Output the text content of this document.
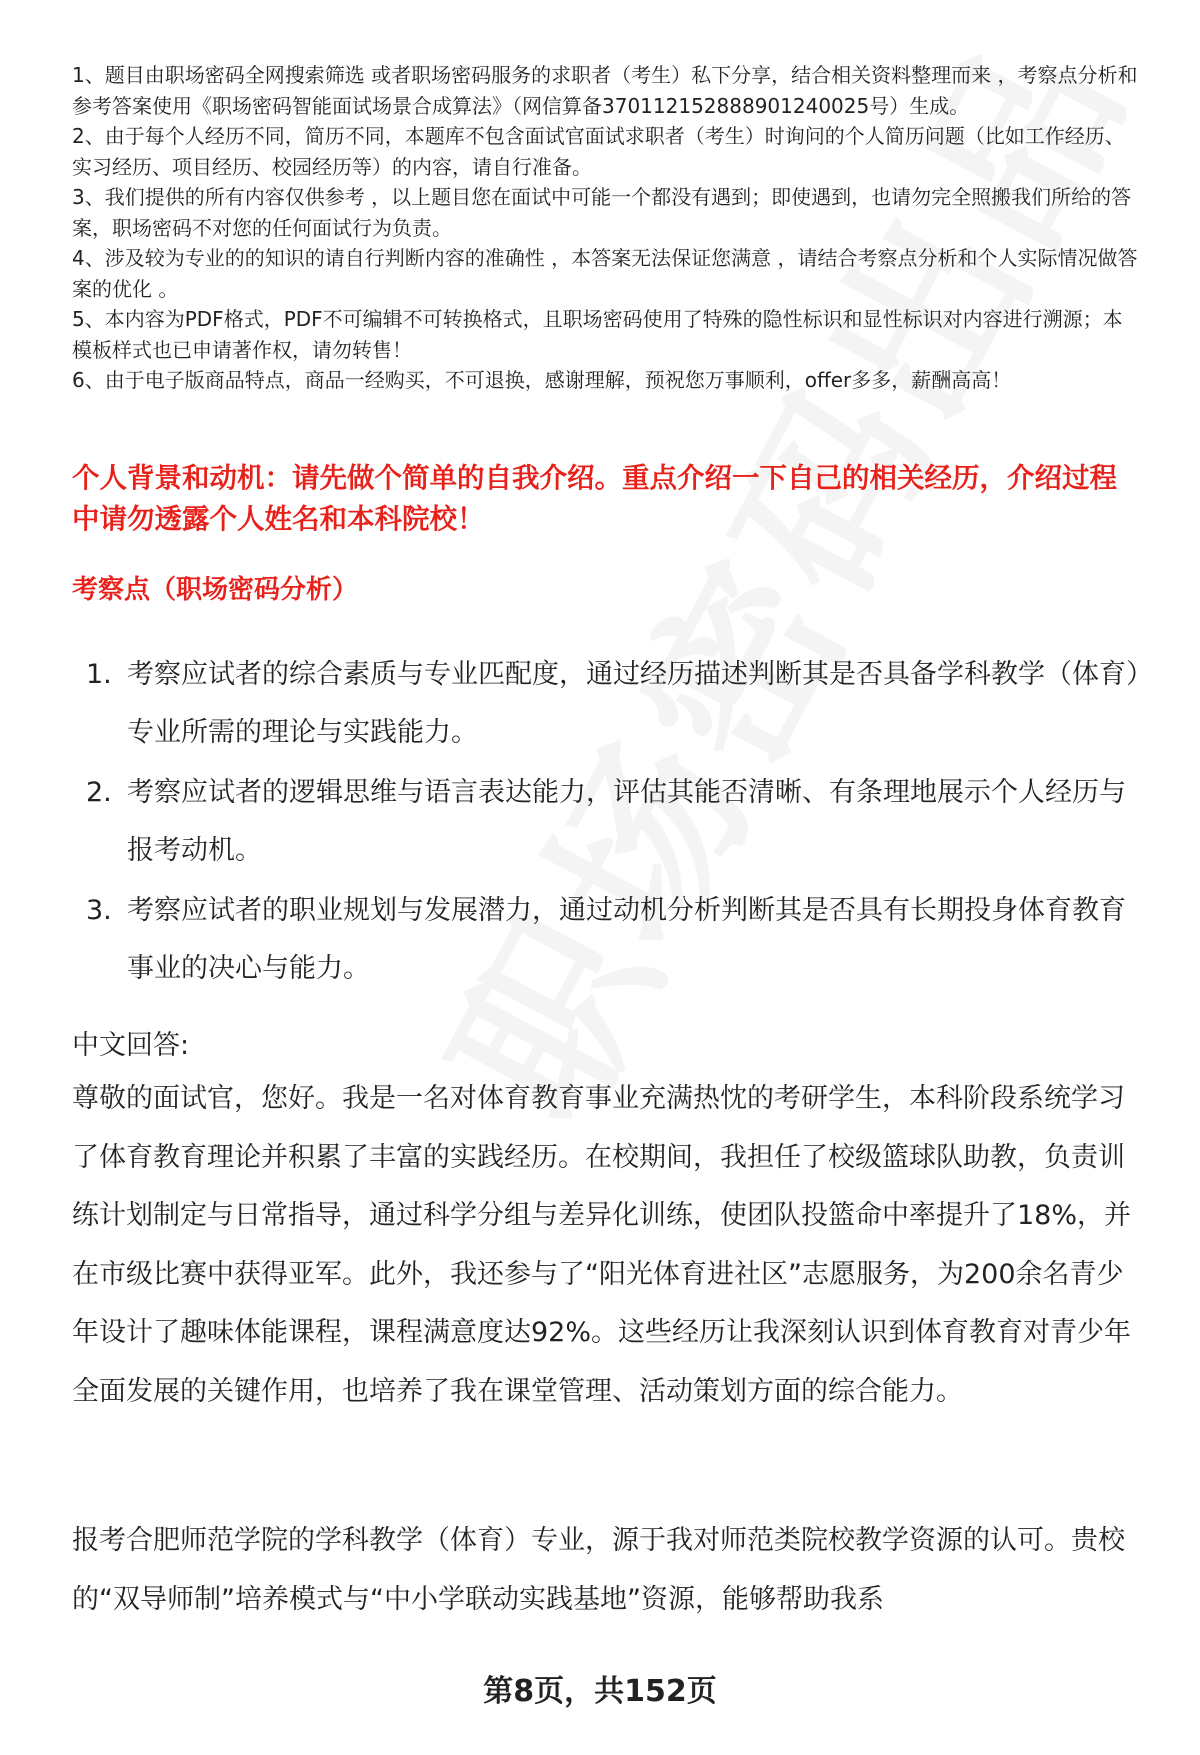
1、题目由职场密码全网搜索筛选 或者职场密码服务的求职者（考生）私下分享，结合相关资料整理而来 ，考察点分析和参考答案使用《职场密码智能面试场景合成算法》（网信算备370112152888901240025号）生成。

2、由于每个人经历不同，简历不同，本题库不包含面试官面试求职者（考生）时询问的个人简历问题（比如工作经历、实习经历、项目经历、校园经历等）的内容，请自行准备。

3、我们提供的所有内容仅供参考 ，以上题目您在面试中可能一个都没有遇到；即使遇到，也请勿完全照搬我们所给的答案，职场密码不对您的任何面试行为负责。

4、涉及较为专业的的知识的请自行判断内容的准确性 ，本答案无法保证您满意 ，请结合考察点分析和个人实际情况做答案的优化 。

5、本内容为PDF格式，PDF不可编辑不可转换格式，且职场密码使用了特殊的隐性标识和显性标识对内容进行溯源；本模板样式也已申请著作权，请勿转售！

6、由于电子版商品特点，商品一经购买，不可退换，感谢理解，预祝您万事顺利，offer多多，薪酬高高！

个人背景和动机：请先做个简单的自我介绍。重点介绍一下自己的相关经历，介绍过程中请勿透露个人姓名和本科院校！

考察点（职场密码分析）

1. 考察应试者的综合素质与专业匹配度，通过经历描述判断其是否具备学科教学（体育）专业所需的理论与实践能力。
2. 考察应试者的逻辑思维与语言表达能力，评估其能否清晰、有条理地展示个人经历与报考动机。
3. 考察应试者的职业规划与发展潜力，通过动机分析判断其是否具有长期投身体育教育事业的决心与能力。

中文回答:

尊敬的面试官，您好。我是一名对体育教育事业充满热忱的考研学生，本科阶段系统学习了体育教育理论并积累了丰富的实践经历。在校期间，我担任了校级篮球队助教，负责训练计划制定与日常指导，通过科学分组与差异化训练，使团队投篮命中率提升了18%，并在市级比赛中获得亚军。此外，我还参与了“阳光体育进社区”志愿服务，为200余名青少年设计了趣味体能课程，课程满意度达92%。这些经历让我深刻认识到体育教育对青少年全面发展的关键作用，也培养了我在课堂管理、活动策划方面的综合能力。

报考合肥师范学院的学科教学（体育）专业，源于我对师范类院校教学资源的认可。贵校的“双导师制”培养模式与“中小学联动实践基地”资源，能够帮助我系

第8页，共152页
